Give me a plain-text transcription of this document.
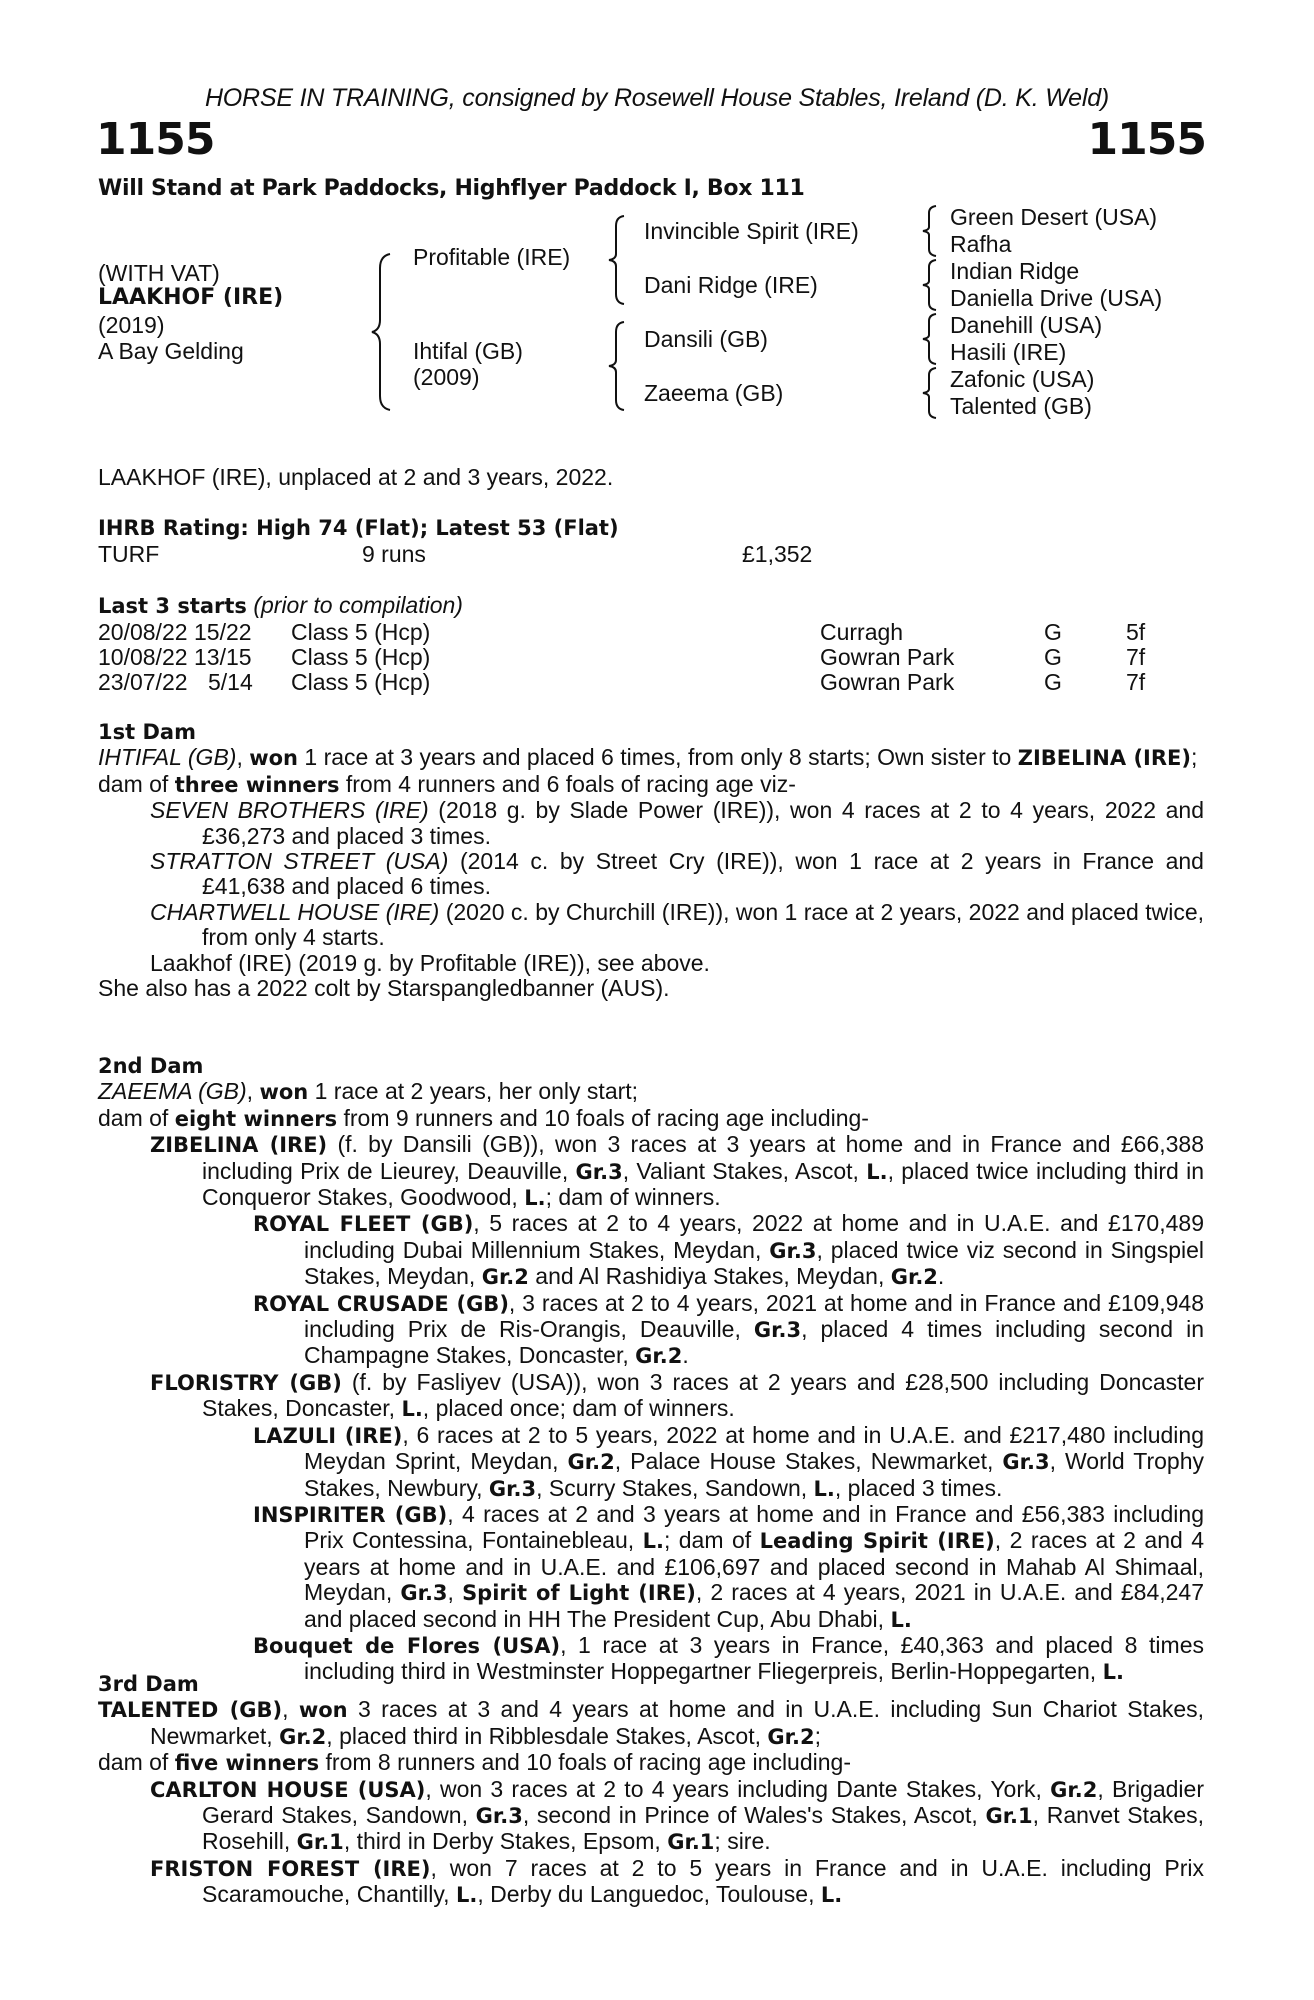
HORSE IN TRAINING, consigned by Rosewell House Stables, Ireland (D. K. Weld)
1155	1155
Will Stand at Park Paddocks, Highflyer Paddock I, Box 111
(WITH VAT)
LAAKHOF (IRE)
(2019)
A Bay Gelding
Profitable (IRE)
Ihtifal (GB)
(2009)
Invincible Spirit (IRE)
Dani Ridge (IRE)
Dansili (GB)
Zaeema (GB)
Green Desert (USA)
Rafha
Indian Ridge
Daniella Drive (USA)
Danehill (USA)
Hasili (IRE)
Zafonic (USA)
Talented (GB)

LAAKHOF (IRE), unplaced at 2 and 3 years, 2022.

IHRB Rating: High 74 (Flat); Latest 53 (Flat)

TURF	9 runs	£1,352

Last 3 starts (prior to compilation)

20/08/22 15/22 Class 5 (Hcp)	Curragh	G	5f
10/08/22 13/15 Class 5 (Hcp)	Gowran Park	G	7f
23/07/22 5/14 Class 5 (Hcp)	Gowran Park	G	7f

1st Dam

IHTIFAL (GB), won 1 race at 3 years and placed 6 times, from only 8 starts; Own sister to ZIBELINA (IRE);

dam of three winners from 4 runners and 6 foals of racing age viz-

SEVEN BROTHERS (IRE) (2018 g. by Slade Power (IRE)), won 4 races at 2 to 4 years, 2022 and £36,273 and placed 3 times.

STRATTON STREET (USA) (2014 c. by Street Cry (IRE)), won 1 race at 2 years in France and £41,638 and placed 6 times.

CHARTWELL HOUSE (IRE) (2020 c. by Churchill (IRE)), won 1 race at 2 years, 2022 and placed twice, from only 4 starts.

Laakhof (IRE) (2019 g. by Profitable (IRE)), see above.

She also has a 2022 colt by Starspangledbanner (AUS).

2nd Dam

ZAEEMA (GB), won 1 race at 2 years, her only start;

dam of eight winners from 9 runners and 10 foals of racing age including-

ZIBELINA (IRE) (f. by Dansili (GB)), won 3 races at 3 years at home and in France and £66,388 including Prix de Lieurey, Deauville, Gr.3, Valiant Stakes, Ascot, L., placed twice including third in Conqueror Stakes, Goodwood, L.; dam of winners.

ROYAL FLEET (GB), 5 races at 2 to 4 years, 2022 at home and in U.A.E. and £170,489 including Dubai Millennium Stakes, Meydan, Gr.3, placed twice viz second in Singspiel Stakes, Meydan, Gr.2 and Al Rashidiya Stakes, Meydan, Gr.2.

ROYAL CRUSADE (GB), 3 races at 2 to 4 years, 2021 at home and in France and £109,948 including Prix de Ris-Orangis, Deauville, Gr.3, placed 4 times including second in Champagne Stakes, Doncaster, Gr.2.

FLORISTRY (GB) (f. by Fasliyev (USA)), won 3 races at 2 years and £28,500 including Doncaster Stakes, Doncaster, L., placed once; dam of winners.

LAZULI (IRE), 6 races at 2 to 5 years, 2022 at home and in U.A.E. and £217,480 including Meydan Sprint, Meydan, Gr.2, Palace House Stakes, Newmarket, Gr.3, World Trophy Stakes, Newbury, Gr.3, Scurry Stakes, Sandown, L., placed 3 times.

INSPIRITER (GB), 4 races at 2 and 3 years at home and in France and £56,383 including Prix Contessina, Fontainebleau, L.; dam of Leading Spirit (IRE), 2 races at 2 and 4 years at home and in U.A.E. and £106,697 and placed second in Mahab Al Shimaal, Meydan, Gr.3, Spirit of Light (IRE), 2 races at 4 years, 2021 in U.A.E. and £84,247 and placed second in HH The President Cup, Abu Dhabi, L.

Bouquet de Flores (USA), 1 race at 3 years in France, £40,363 and placed 8 times including third in Westminster Hoppegartner Fliegerpreis, Berlin-Hoppegarten, L.

3rd Dam

TALENTED (GB), won 3 races at 3 and 4 years at home and in U.A.E. including Sun Chariot Stakes, Newmarket, Gr.2, placed third in Ribblesdale Stakes, Ascot, Gr.2;

dam of five winners from 8 runners and 10 foals of racing age including-

CARLTON HOUSE (USA), won 3 races at 2 to 4 years including Dante Stakes, York, Gr.2, Brigadier Gerard Stakes, Sandown, Gr.3, second in Prince of Wales's Stakes, Ascot, Gr.1, Ranvet Stakes, Rosehill, Gr.1, third in Derby Stakes, Epsom, Gr.1; sire.

FRISTON FOREST (IRE), won 7 races at 2 to 5 years in France and in U.A.E. including Prix Scaramouche, Chantilly, L., Derby du Languedoc, Toulouse, L.
